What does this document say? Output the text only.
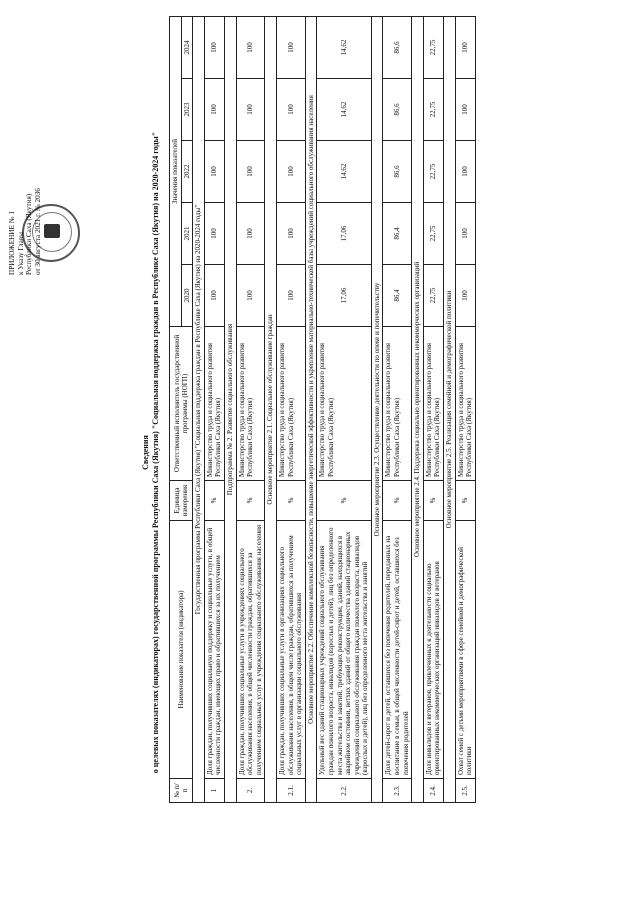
ПРИЛОЖЕНИЕ № 1 к Указу Главы Республики Саха (Якутия) от 30 августа 2021 г. № 2036
Сведения о целевых показателях (индикаторах) государственной программы Республики Саха (Якутия) "Социальная поддержка граждан в Республике Саха (Якутия) на 2020-2024 годы"
№ п/п	Наименование показателя (индикатора)	Единица измерения	Ответственный исполнитель государственной программы (НОГП)	Значения показателей				
				2020	2021	2022	2023	2024
Государственная программа Республики Саха (Якутия) "Социальная поддержка граждан в Республике Саха (Якутия) на 2020-2024 годы"								
1	Доля граждан, получивших социальную поддержку и социальные услуги, в общей численности граждан, имеющих право и обратившихся за их получением	%	Министерство труда и социального развития Республики Саха (Якутия)	100	100	100	100	100
Подпрограмма № 2. Развитие социального обслуживания								
2.	Доля граждан, получивших социальные услуги в учреждениях социального обслуживания населения, в общей численности граждан, обратившихся за получением социальных услуг в учреждения социального обслуживания населения	%	Министерство труда и социального развития Республики Саха (Якутия)	100	100	100	100	100
Основное мероприятие 2.1. Социальное обслуживание граждан								
2.1.	Доля граждан, получивших социальные услуги в организациях социального обслуживания населения, в общем числе граждан, обратившихся за получением социальных услуг в организации социального обслуживания	%	Министерство труда и социального развития Республики Саха (Якутия)	100	100	100	100	100
Основное мероприятие 2.2. Обеспечение комплексной безопасности, повышение энергетической эффективности и укрепление материально-технической базы учреждений социального обслуживания населения								
2.2.	Удельный вес зданий стационарных учреждений социального обслуживания граждан пожилого возраста, инвалидов (взрослых и детей), лиц без определенного места жительства и занятий, требующих реконструкции, зданий, находящихся в аварийном состоянии, ветхих зданий от общего количества зданий стационарных учреждений социального обслуживания граждан пожилого возраста, инвалидов (взрослых и детей), лиц без определенного места жительства и занятий	%	Министерство труда и социального развития Республики Саха (Якутия)	17,06	17,06	14,62	14,62	14,62
Основное мероприятие 2.3. Осуществление деятельности по опеке и попечительству								
2.3.	Доля детей-сирот и детей, оставшихся без попечения родителей, переданных на воспитание в семьи, в общей численности детей-сирот и детей, оставшихся без попечения родителей	%	Министерство труда и социального развития Республики Саха (Якутия)	86,4	86,4	86,6	86,6	86,6
Основное мероприятие 2.4. Поддержка социально ориентированных некоммерческих организаций								
2.4.	Доля инвалидов и ветеранов, привлеченных к деятельности социально ориентированных некоммерческих организаций инвалидов и ветеранов	%	Министерство труда и социального развития Республики Саха (Якутия)	22,75	22,75	22,75	22,75	22,75
Основное мероприятие 2.5. Реализация семейной и демографической политики								
2.5.	Охват семей с детьми мероприятиями в сфере семейной и демографической политики	%	Министерство труда и социального развития Республики Саха (Якутия)	100	100	100	100	100
